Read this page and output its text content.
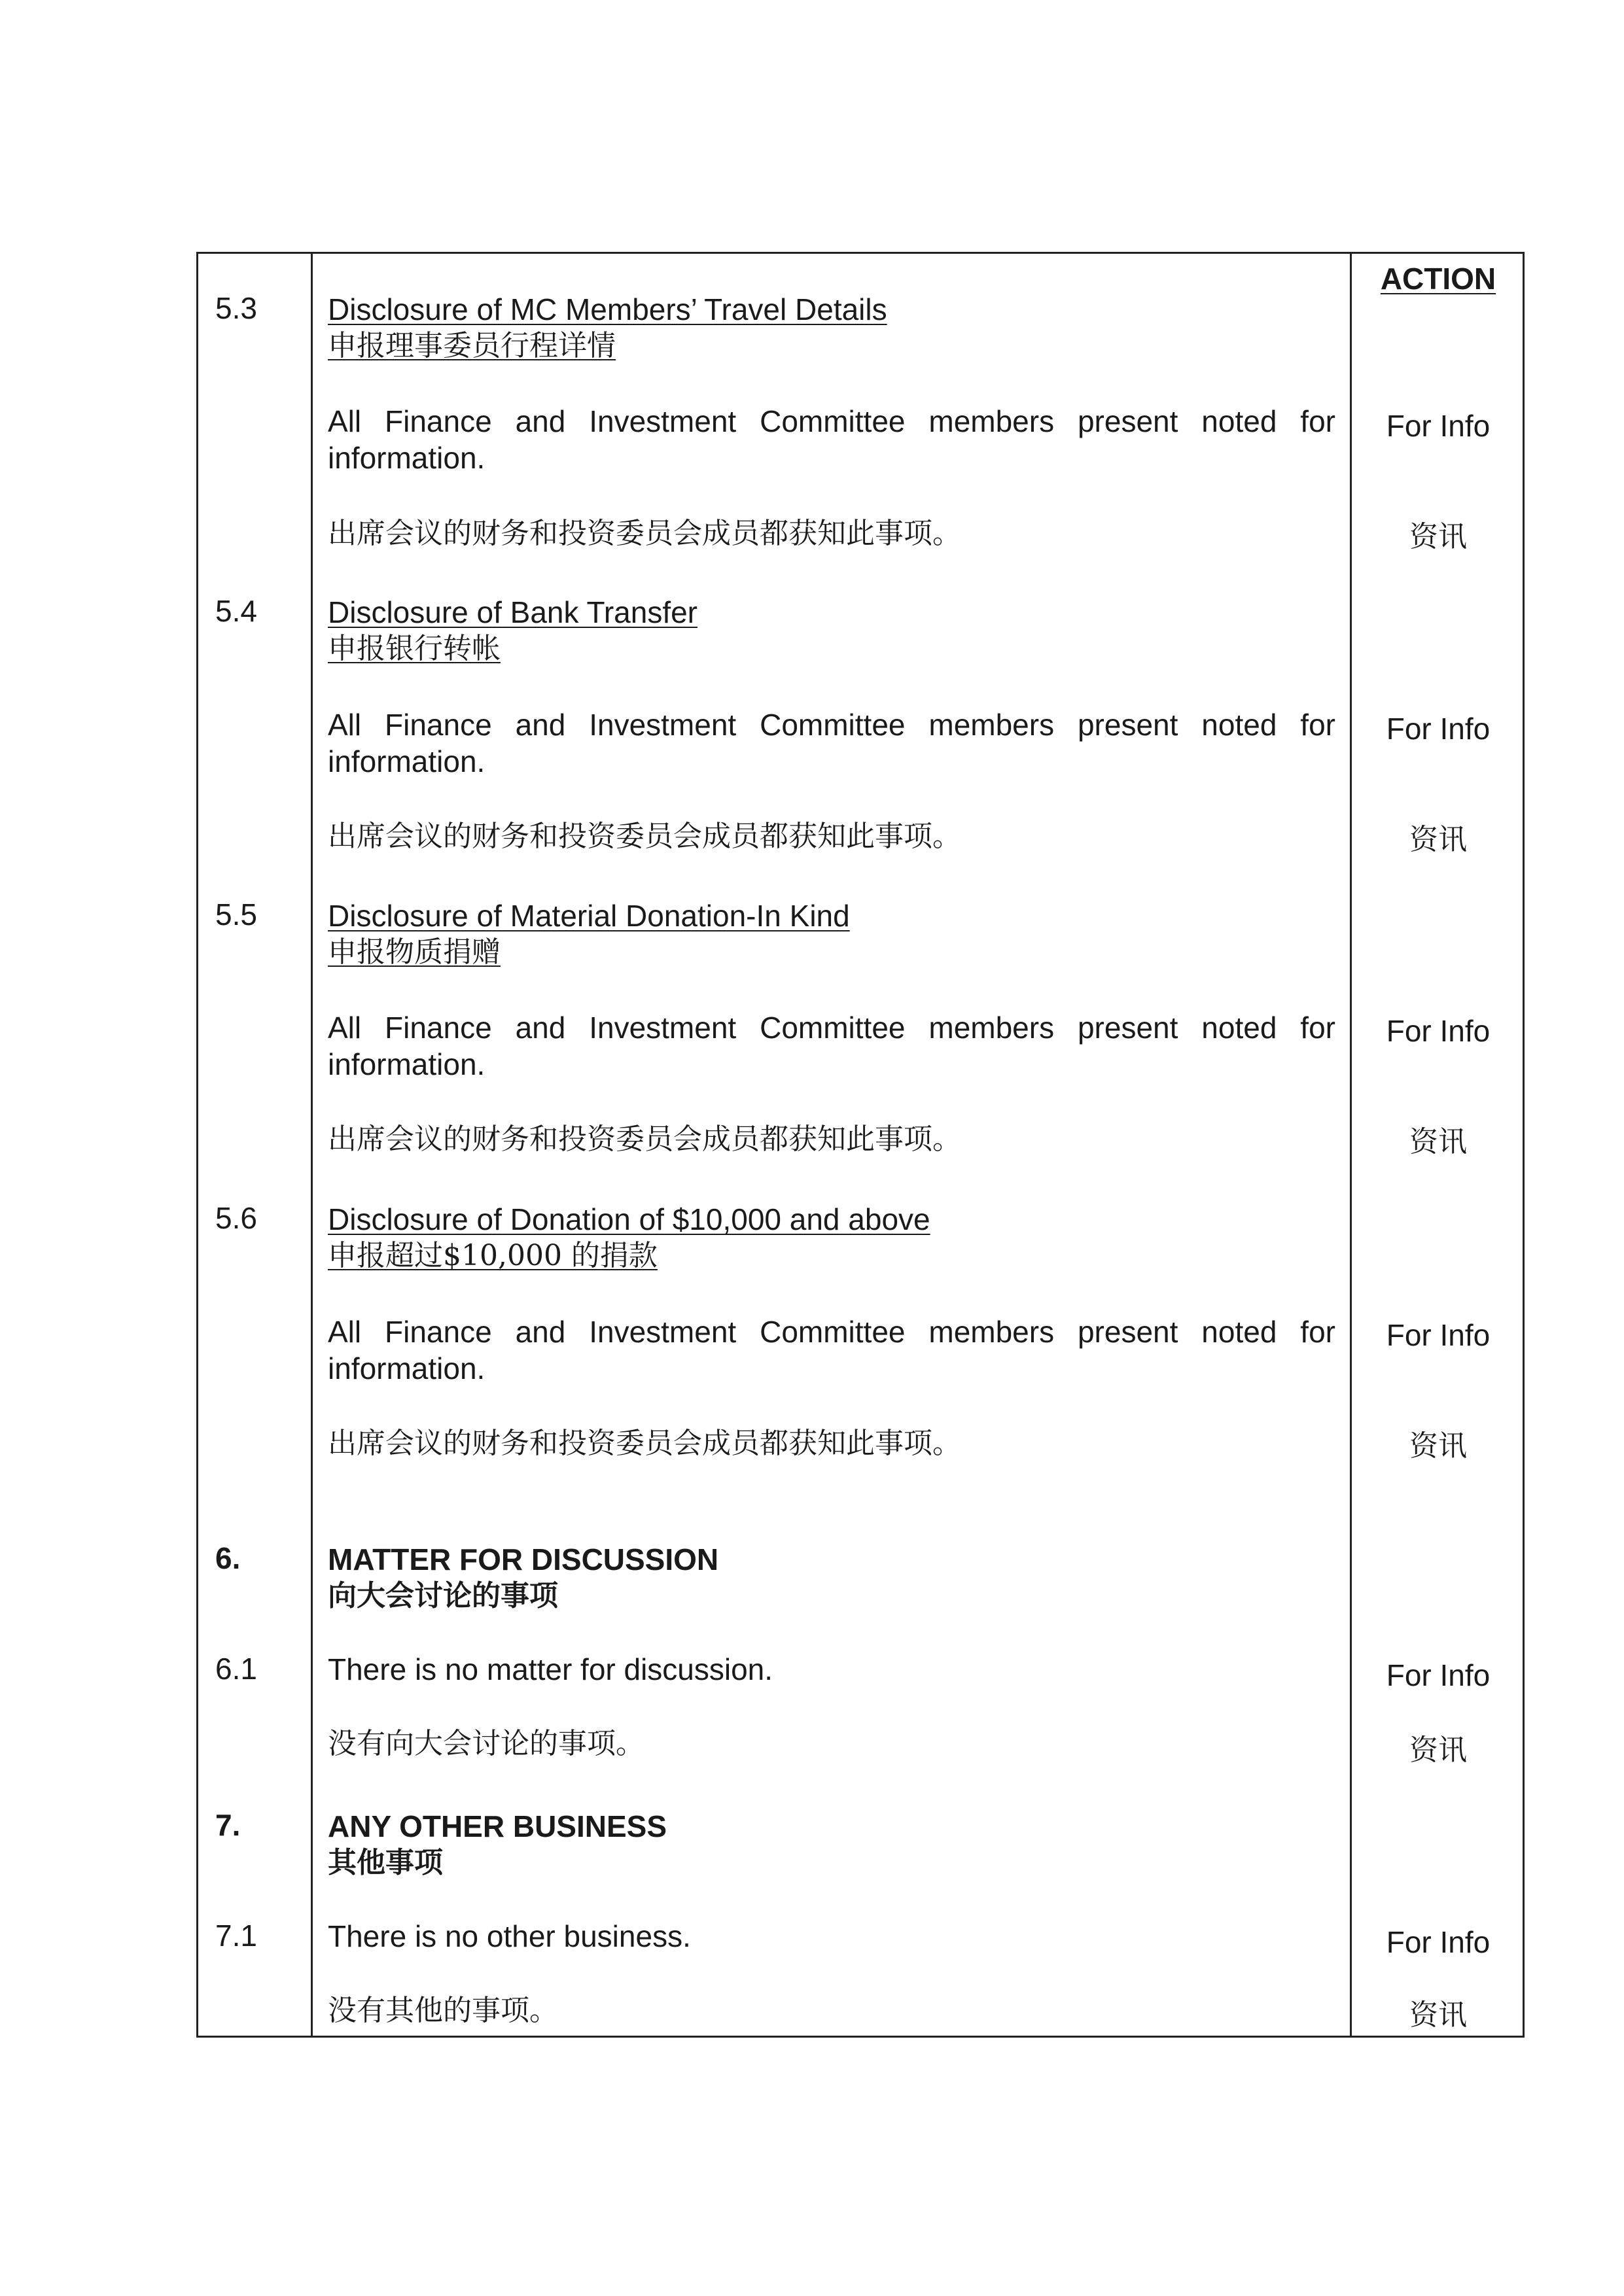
ACTION
5.3 Disclosure of MC Members’ Travel Details
申报理事委员行程详情
All Finance and Investment Committee members present noted for information.
出席会议的财务和投资委员会成员都获知此事项。
For Info
资讯
5.4 Disclosure of Bank Transfer
申报银行转帐
All Finance and Investment Committee members present noted for information.
出席会议的财务和投资委员会成员都获知此事项。
For Info
资讯
5.5 Disclosure of Material Donation-In Kind
申报物质捐赠
All Finance and Investment Committee members present noted for information.
出席会议的财务和投资委员会成员都获知此事项。
For Info
资讯
5.6 Disclosure of Donation of $10,000 and above
申报超过$10,000 的捐款
All Finance and Investment Committee members present noted for information.
出席会议的财务和投资委员会成员都获知此事项。
For Info
资讯
6.	MATTER FOR DISCUSSION
向大会讨论的事项
6.1 There is no matter for discussion.
没有向大会讨论的事项。
For Info
资讯
7.	ANY OTHER BUSINESS
其他事项
7.1 There is no other business.
没有其他的事项。
For Info
资讯
